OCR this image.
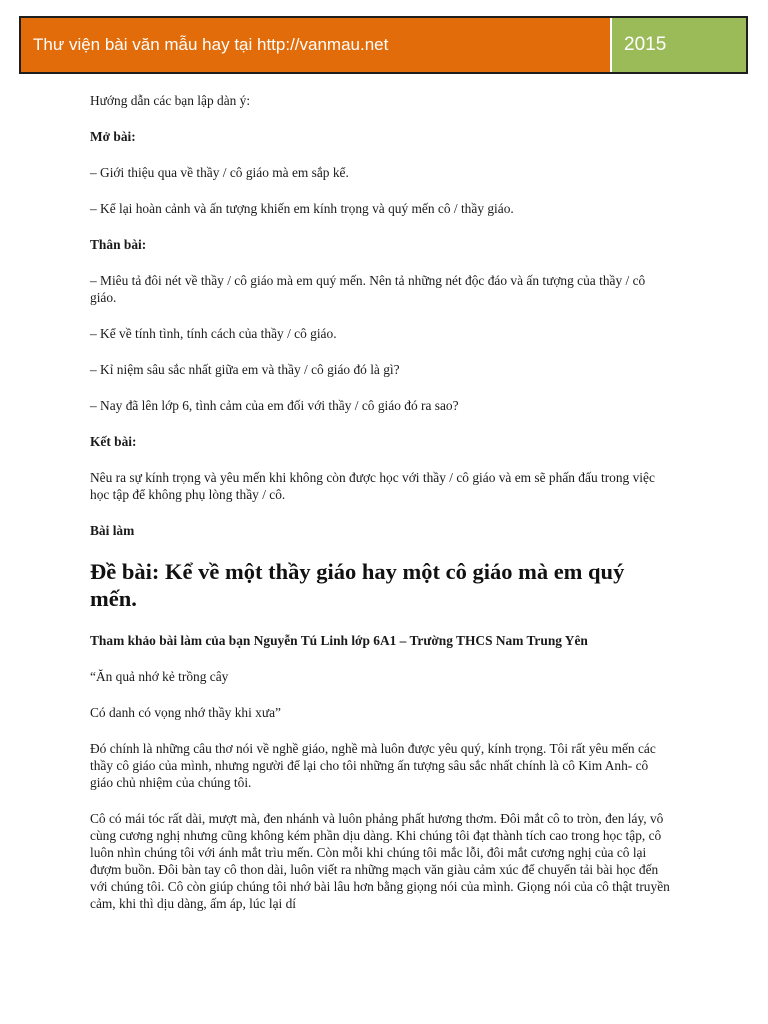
Thư viện bài văn mẫu hay tại http://vanmau.net	2015

Hướng dẫn các bạn lập dàn ý:

Mở bài:

– Giới thiệu qua về thầy / cô giáo mà em sắp kể.

– Kể lại hoàn cảnh và ấn tượng khiến em kính trọng và quý mến cô / thầy giáo.

Thân bài:

– Miêu tả đôi nét về thầy / cô giáo mà em quý mến. Nên tả những nét độc đáo và ấn tượng của thầy / cô giáo.

– Kể về tính tình, tính cách của thầy / cô giáo.

– Kỉ niệm sâu sắc nhất giữa em và thầy / cô giáo đó là gì?

– Nay đã lên lớp 6, tình cảm của em đối với thầy / cô giáo đó ra sao?

Kết bài:

Nêu ra sự kính trọng và yêu mến khi không còn được học với thầy / cô giáo và em sẽ phấn đấu trong việc học tập để không phụ lòng thầy / cô.

Bài làm

Đề bài: Kể về một thầy giáo hay một cô giáo mà em quý mến.

Tham khảo bài làm của bạn Nguyễn Tú Linh lớp 6A1 – Trường THCS Nam Trung Yên

“Ăn quả nhớ kẻ trồng cây

Có danh có vọng nhớ thầy khi xưa”

Đó chính là những câu thơ nói về nghề giáo, nghề mà luôn được yêu quý, kính trọng. Tôi rất yêu mến các thầy cô giáo của mình, nhưng người để lại cho tôi những ấn tượng sâu sắc nhất chính là cô Kim Anh- cô giáo chủ nhiệm của chúng tôi.

Cô có mái tóc rất dài, mượt mà, đen nhánh và luôn phảng phất hương thơm. Đôi mắt cô to tròn, đen láy, vô cùng cương nghị nhưng cũng không kém phần dịu dàng. Khi chúng tôi đạt thành tích cao trong học tập, cô luôn nhìn chúng tôi với ánh mắt trìu mến. Còn mỗi khi chúng tôi mắc lỗi, đôi mắt cương nghị của cô lại đượm buồn. Đôi bàn tay cô thon dài, luôn viết ra những mạch văn giàu cảm xúc để chuyển tải bài học đến với chúng tôi. Cô còn giúp chúng tôi nhớ bài lâu hơn bằng giọng nói của mình. Giọng nói của cô thật truyền cảm, khi thì dịu dàng, ấm áp, lúc lại dí
